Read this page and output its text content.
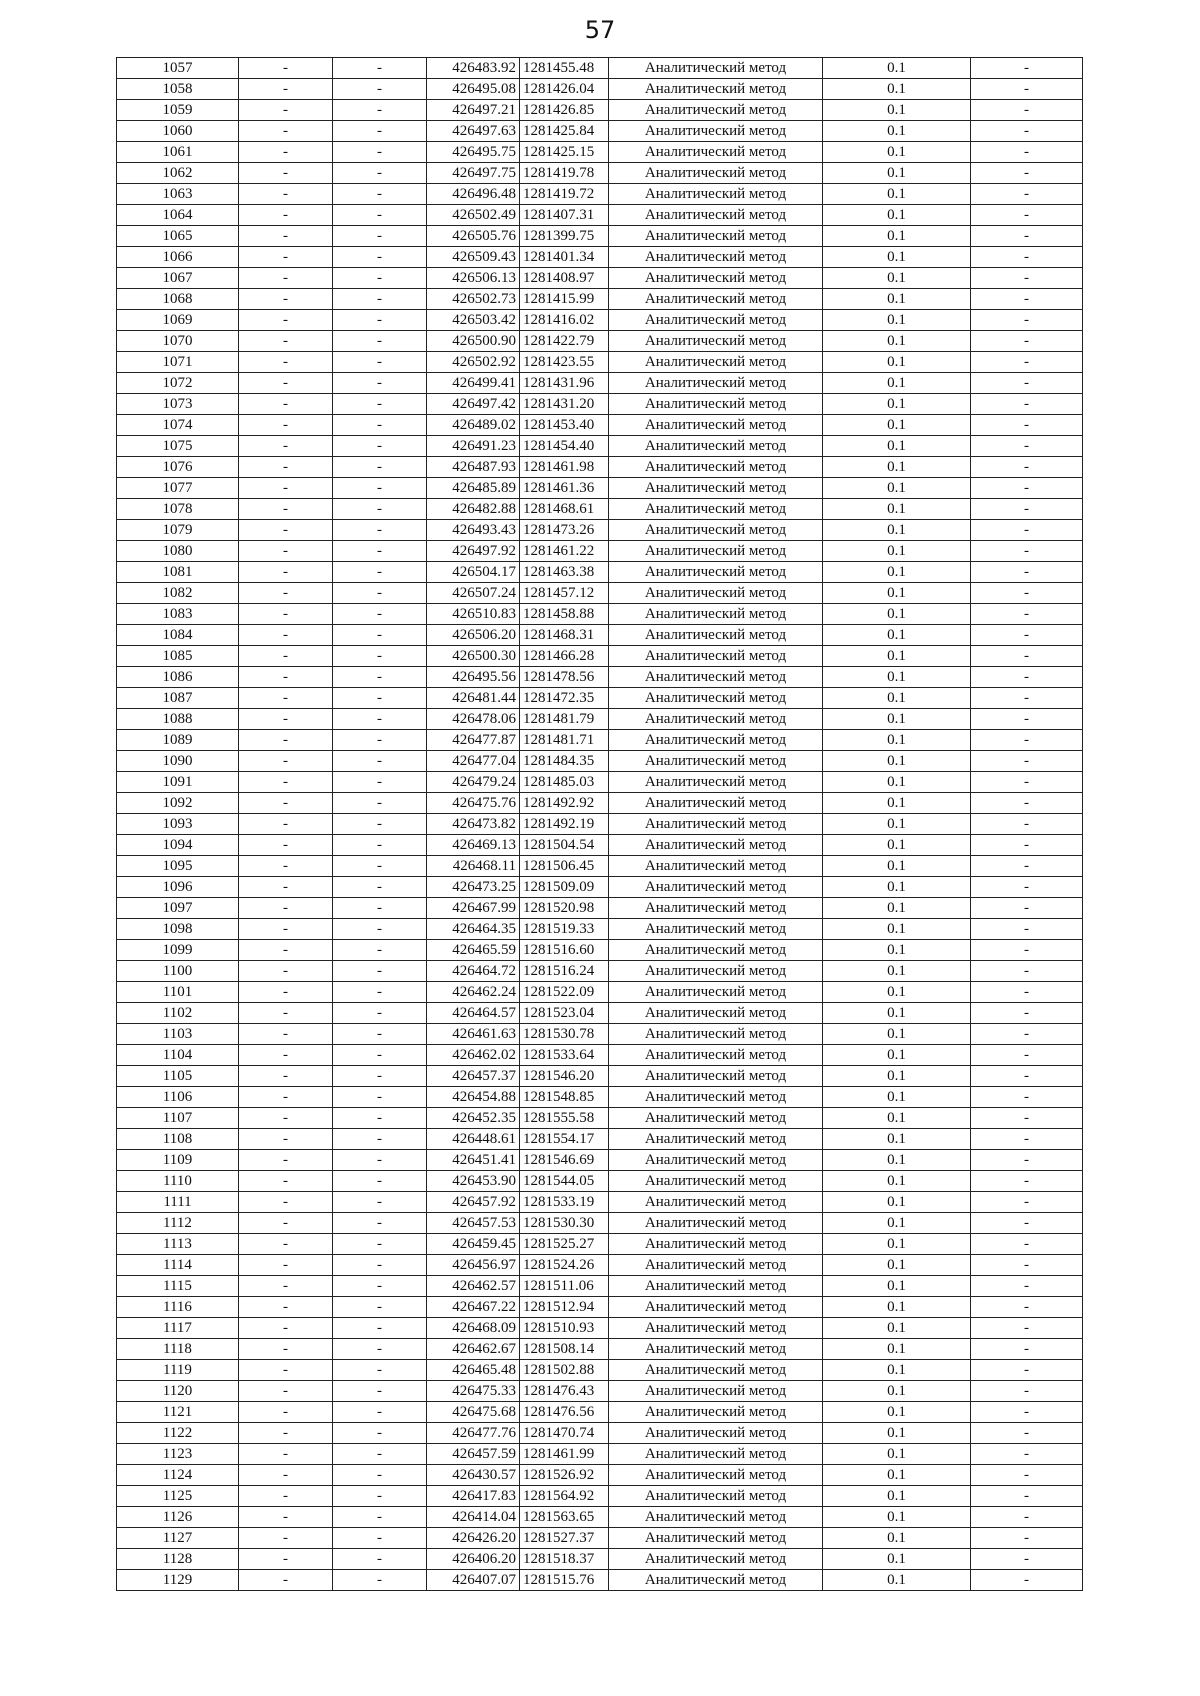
57
1057	-	-	426483.92	1281455.48	Аналитический метод	0.1	-
1058	-	-	426495.08	1281426.04	Аналитический метод	0.1	-
1059	-	-	426497.21	1281426.85	Аналитический метод	0.1	-
1060	-	-	426497.63	1281425.84	Аналитический метод	0.1	-
1061	-	-	426495.75	1281425.15	Аналитический метод	0.1	-
1062	-	-	426497.75	1281419.78	Аналитический метод	0.1	-
1063	-	-	426496.48	1281419.72	Аналитический метод	0.1	-
1064	-	-	426502.49	1281407.31	Аналитический метод	0.1	-
1065	-	-	426505.76	1281399.75	Аналитический метод	0.1	-
1066	-	-	426509.43	1281401.34	Аналитический метод	0.1	-
1067	-	-	426506.13	1281408.97	Аналитический метод	0.1	-
1068	-	-	426502.73	1281415.99	Аналитический метод	0.1	-
1069	-	-	426503.42	1281416.02	Аналитический метод	0.1	-
1070	-	-	426500.90	1281422.79	Аналитический метод	0.1	-
1071	-	-	426502.92	1281423.55	Аналитический метод	0.1	-
1072	-	-	426499.41	1281431.96	Аналитический метод	0.1	-
1073	-	-	426497.42	1281431.20	Аналитический метод	0.1	-
1074	-	-	426489.02	1281453.40	Аналитический метод	0.1	-
1075	-	-	426491.23	1281454.40	Аналитический метод	0.1	-
1076	-	-	426487.93	1281461.98	Аналитический метод	0.1	-
1077	-	-	426485.89	1281461.36	Аналитический метод	0.1	-
1078	-	-	426482.88	1281468.61	Аналитический метод	0.1	-
1079	-	-	426493.43	1281473.26	Аналитический метод	0.1	-
1080	-	-	426497.92	1281461.22	Аналитический метод	0.1	-
1081	-	-	426504.17	1281463.38	Аналитический метод	0.1	-
1082	-	-	426507.24	1281457.12	Аналитический метод	0.1	-
1083	-	-	426510.83	1281458.88	Аналитический метод	0.1	-
1084	-	-	426506.20	1281468.31	Аналитический метод	0.1	-
1085	-	-	426500.30	1281466.28	Аналитический метод	0.1	-
1086	-	-	426495.56	1281478.56	Аналитический метод	0.1	-
1087	-	-	426481.44	1281472.35	Аналитический метод	0.1	-
1088	-	-	426478.06	1281481.79	Аналитический метод	0.1	-
1089	-	-	426477.87	1281481.71	Аналитический метод	0.1	-
1090	-	-	426477.04	1281484.35	Аналитический метод	0.1	-
1091	-	-	426479.24	1281485.03	Аналитический метод	0.1	-
1092	-	-	426475.76	1281492.92	Аналитический метод	0.1	-
1093	-	-	426473.82	1281492.19	Аналитический метод	0.1	-
1094	-	-	426469.13	1281504.54	Аналитический метод	0.1	-
1095	-	-	426468.11	1281506.45	Аналитический метод	0.1	-
1096	-	-	426473.25	1281509.09	Аналитический метод	0.1	-
1097	-	-	426467.99	1281520.98	Аналитический метод	0.1	-
1098	-	-	426464.35	1281519.33	Аналитический метод	0.1	-
1099	-	-	426465.59	1281516.60	Аналитический метод	0.1	-
1100	-	-	426464.72	1281516.24	Аналитический метод	0.1	-
1101	-	-	426462.24	1281522.09	Аналитический метод	0.1	-
1102	-	-	426464.57	1281523.04	Аналитический метод	0.1	-
1103	-	-	426461.63	1281530.78	Аналитический метод	0.1	-
1104	-	-	426462.02	1281533.64	Аналитический метод	0.1	-
1105	-	-	426457.37	1281546.20	Аналитический метод	0.1	-
1106	-	-	426454.88	1281548.85	Аналитический метод	0.1	-
1107	-	-	426452.35	1281555.58	Аналитический метод	0.1	-
1108	-	-	426448.61	1281554.17	Аналитический метод	0.1	-
1109	-	-	426451.41	1281546.69	Аналитический метод	0.1	-
1110	-	-	426453.90	1281544.05	Аналитический метод	0.1	-
1111	-	-	426457.92	1281533.19	Аналитический метод	0.1	-
1112	-	-	426457.53	1281530.30	Аналитический метод	0.1	-
1113	-	-	426459.45	1281525.27	Аналитический метод	0.1	-
1114	-	-	426456.97	1281524.26	Аналитический метод	0.1	-
1115	-	-	426462.57	1281511.06	Аналитический метод	0.1	-
1116	-	-	426467.22	1281512.94	Аналитический метод	0.1	-
1117	-	-	426468.09	1281510.93	Аналитический метод	0.1	-
1118	-	-	426462.67	1281508.14	Аналитический метод	0.1	-
1119	-	-	426465.48	1281502.88	Аналитический метод	0.1	-
1120	-	-	426475.33	1281476.43	Аналитический метод	0.1	-
1121	-	-	426475.68	1281476.56	Аналитический метод	0.1	-
1122	-	-	426477.76	1281470.74	Аналитический метод	0.1	-
1123	-	-	426457.59	1281461.99	Аналитический метод	0.1	-
1124	-	-	426430.57	1281526.92	Аналитический метод	0.1	-
1125	-	-	426417.83	1281564.92	Аналитический метод	0.1	-
1126	-	-	426414.04	1281563.65	Аналитический метод	0.1	-
1127	-	-	426426.20	1281527.37	Аналитический метод	0.1	-
1128	-	-	426406.20	1281518.37	Аналитический метод	0.1	-
1129	-	-	426407.07	1281515.76	Аналитический метод	0.1	-
